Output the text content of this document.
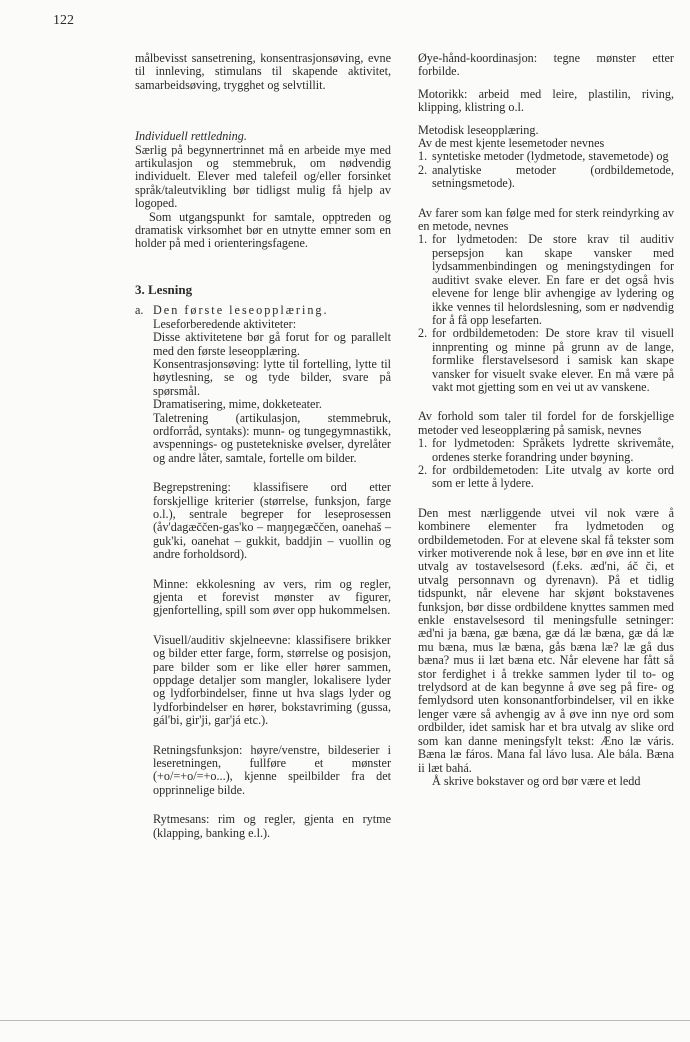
122

målbevisst sansetrening, konsentrasjonsøving, evne til innleving, stimulans til skapende aktivitet, samarbeidsøving, trygghet og selvtillit.

Individuell rettledning.

Særlig på begynnertrinnet må en arbeide mye med artikulasjon og stemmebruk, om nødvendig individuelt. Elever med talefeil og/eller forsinket språk/taleutvikling bør tidligst mulig få hjelp av logoped.

Som utgangspunkt for samtale, opptreden og dramatisk virksomhet bør en utnytte emner som en holder på med i orienteringsfagene.

3. Lesning

a. Den første leseopplæring.

Leseforberedende aktiviteter:

Disse aktivitetene bør gå forut for og parallelt med den første leseopplæring.

Konsentrasjonsøving: lytte til fortelling, lytte til høytlesning, se og tyde bilder, svare på spørsmål.

Dramatisering, mime, dokketeater.

Taletrening (artikulasjon, stemmebruk, ordforråd, syntaks): munn- og tungegymnastikk, avspennings- og pustetekniske øvelser, dyrelåter og andre låter, samtale, fortelle om bilder.

Begrepstrening: klassifisere ord etter forskjellige kriterier (størrelse, funksjon, farge o.l.), sentrale begreper for leseprosessen (åv'dagæččen-gas'ko – maŋŋegæččen, oanehaš – guk'ki, oanehat – gukkit, baddjin – vuollin og andre forholdsord).

Minne: ekkolesning av vers, rim og regler, gjenta et forevist mønster av figurer, gjenfortelling, spill som øver opp hukommelsen.

Visuell/auditiv skjelneevne: klassifisere brikker og bilder etter farge, form, størrelse og posisjon, pare bilder som er like eller hører sammen, oppdage detaljer som mangler, lokalisere lyder og lydforbindelser, finne ut hva slags lyder og lydforbindelser en hører, bokstavriming (gussa, gál'bi, gir'ji, gar'já etc.).

Retningsfunksjon: høyre/venstre, bildeserier i leseretningen, fullføre et mønster (+o/=+o/=+o...), kjenne speilbilder fra det opprinnelige bilde.

Rytmesans: rim og regler, gjenta en rytme (klapping, banking e.l.).

Øye-hånd-koordinasjon: tegne mønster etter forbilde.

Motorikk: arbeid med leire, plastilin, riving, klipping, klistring o.l.

Metodisk leseopplæring.

Av de mest kjente lesemetoder nevnes

1. syntetiske metoder (lydmetode, stavemetode) og
2. analytiske metoder (ordbildemetode, setningsmetode).

Av farer som kan følge med for sterk reindyrking av en metode, nevnes

1. for lydmetoden: De store krav til auditiv persepsjon kan skape vansker med lydsammenbindingen og meningstydingen for auditivt svake elever. En fare er det også hvis elevene for lenge blir avhengige av lydering og ikke vennes til helordslesning, som er nødvendig for å få opp lesefarten.
2. for ordbildemetoden: De store krav til visuell innprenting og minne på grunn av de lange, formlike flerstavelsesord i samisk kan skape vansker for visuelt svake elever. En må være på vakt mot gjetting som en vei ut av vanskene.

Av forhold som taler til fordel for de forskjellige metoder ved leseopplæring på samisk, nevnes

1. for lydmetoden: Språkets lydrette skrivemåte, ordenes sterke forandring under bøyning.
2. for ordbildemetoden: Lite utvalg av korte ord som er lette å lydere.

Den mest nærliggende utvei vil nok være å kombinere elementer fra lydmetoden og ordbildemetoden. For at elevene skal få tekster som virker motiverende nok å lese, bør en øve inn et lite utvalg av tostavelsesord (f.eks. æd'ni, áč či, et utvalg personnavn og dyrenavn). På et tidlig tidspunkt, når elevene har skjønt bokstavenes funksjon, bør disse ordbildene knyttes sammen med enkle enstavelsesord til meningsfulle setninger: æd'ni ja bæna, gæ bæna, gæ dá læ bæna, gæ dá læ mu bæna, mus læ bæna, gås bæna læ? læ gå dus bæna? mus ii læt bæna etc. Når elevene har fått så stor ferdighet i å trekke sammen lyder til to- og trelydsord at de kan begynne å øve seg på fire- og femlydsord uten konsonantforbindelser, vil en ikke lenger være så avhengig av å øve inn nye ord som ordbilder, idet samisk har et bra utvalg av slike ord som kan danne meningsfylt tekst: Æno læ váris. Bæna læ fáros. Mana fal lávo lusa. Ale bála. Bæna ii læt bahá.

Å skrive bokstaver og ord bør være et ledd
